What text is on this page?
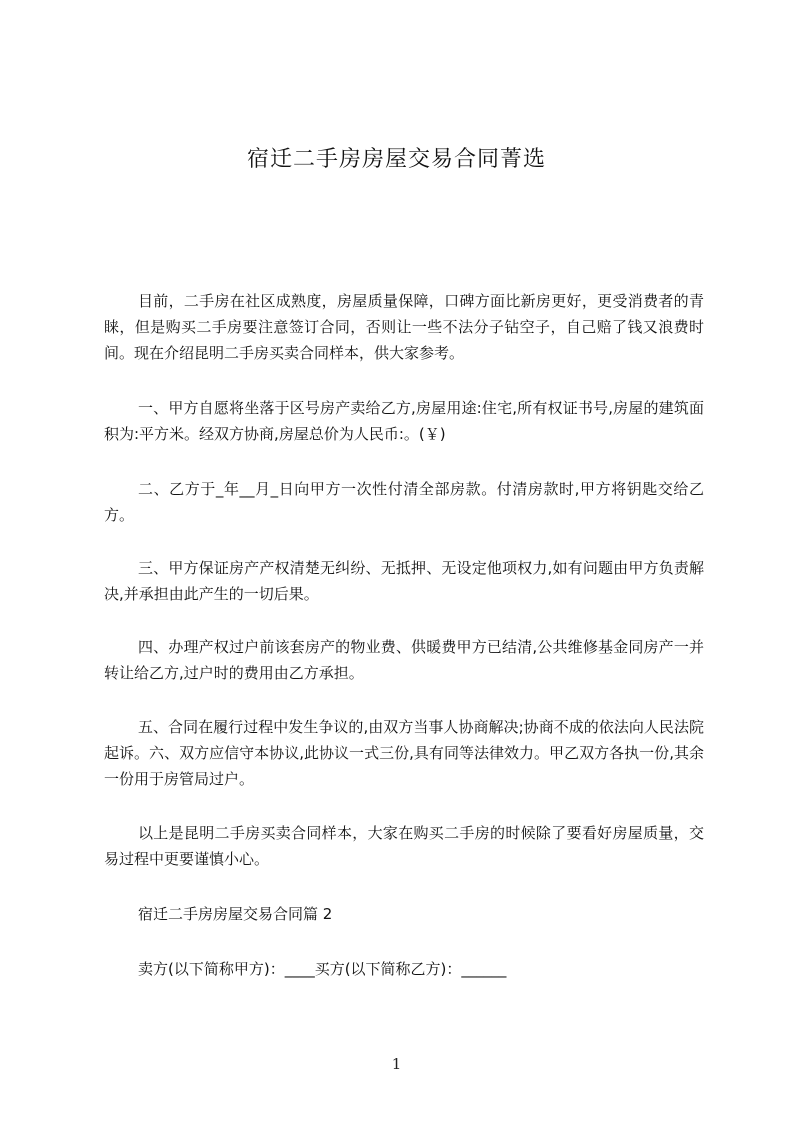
宿迁二手房房屋交易合同菁选

目前，二手房在社区成熟度，房屋质量保障，口碑方面比新房更好，更受消费者的青睐，但是购买二手房要注意签订合同，否则让一些不法分子钻空子，自己赔了钱又浪费时间。现在介绍昆明二手房买卖合同样本，供大家参考。

一、甲方自愿将坐落于区号房产卖给乙方,房屋用途:住宅,所有权证书号,房屋的建筑面积为:平方米。经双方协商,房屋总价为人民币:。(￥)

二、乙方于_年__月_日向甲方一次性付清全部房款。付清房款时,甲方将钥匙交给乙方。

三、甲方保证房产产权清楚无纠纷、无抵押、无设定他项权力,如有问题由甲方负责解决,并承担由此产生的一切后果。

四、办理产权过户前该套房产的物业费、供暖费甲方已结清,公共维修基金同房产一并转让给乙方,过户时的费用由乙方承担。

五、合同在履行过程中发生争议的,由双方当事人协商解决;协商不成的依法向人民法院起诉。六、双方应信守本协议,此协议一式三份,具有同等法律效力。甲乙双方各执一份,其余一份用于房管局过户。

以上是昆明二手房买卖合同样本，大家在购买二手房的时候除了要看好房屋质量，交易过程中更要谨慎小心。

宿迁二手房房屋交易合同篇 2

卖方(以下简称甲方)：____买方(以下简称乙方)：______

1
